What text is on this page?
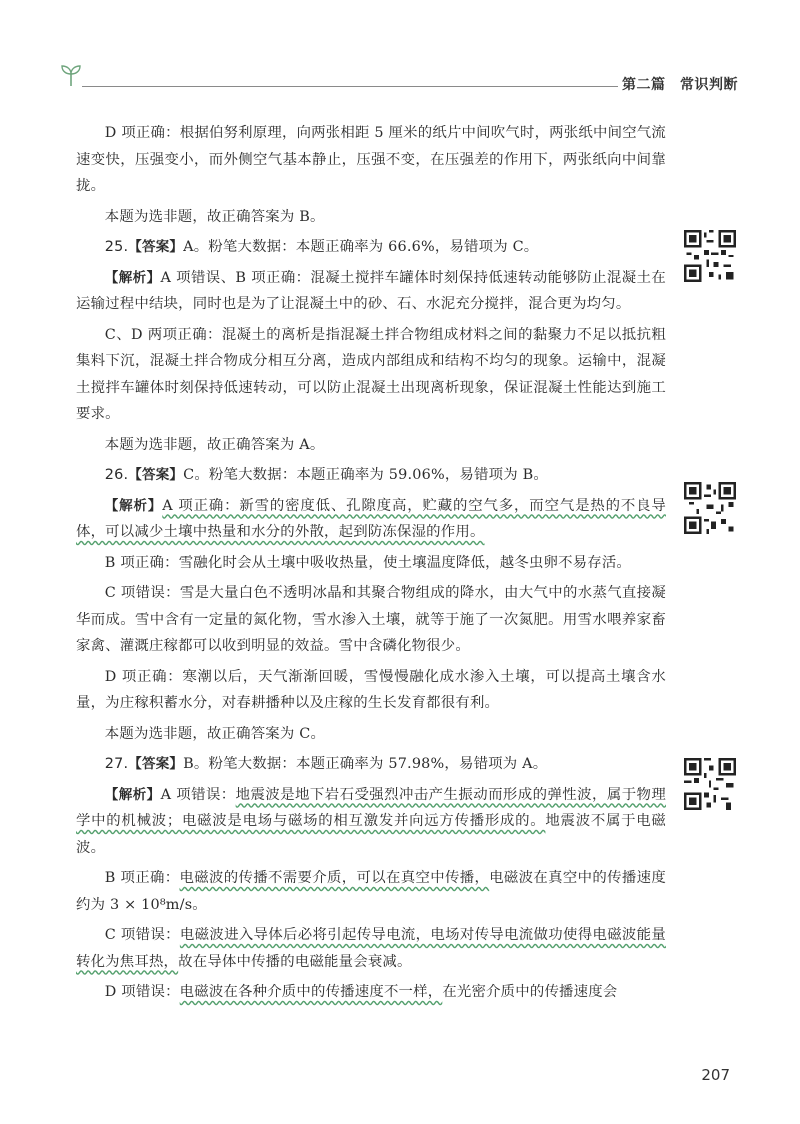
第二篇　常识判断

D 项正确：根据伯努利原理，向两张相距 5 厘米的纸片中间吹气时，两张纸中间空气流速变快，压强变小，而外侧空气基本静止，压强不变，在压强差的作用下，两张纸向中间靠拢。

本题为选非题，故正确答案为 B。

25.【答案】A。粉笔大数据：本题正确率为 66.6%，易错项为 C。

【解析】A 项错误、B 项正确：混凝土搅拌车罐体时刻保持低速转动能够防止混凝土在运输过程中结块，同时也是为了让混凝土中的砂、石、水泥充分搅拌，混合更为均匀。

C、D 两项正确：混凝土的离析是指混凝土拌合物组成材料之间的黏聚力不足以抵抗粗集料下沉，混凝土拌合物成分相互分离，造成内部组成和结构不均匀的现象。运输中，混凝土搅拌车罐体时刻保持低速转动，可以防止混凝土出现离析现象，保证混凝土性能达到施工要求。

本题为选非题，故正确答案为 A。

26.【答案】C。粉笔大数据：本题正确率为 59.06%，易错项为 B。

【解析】A 项正确：新雪的密度低、孔隙度高，贮藏的空气多，而空气是热的不良导体，可以减少土壤中热量和水分的外散，起到防冻保湿的作用。

B 项正确：雪融化时会从土壤中吸收热量，使土壤温度降低，越冬虫卵不易存活。

C 项错误：雪是大量白色不透明冰晶和其聚合物组成的降水，由大气中的水蒸气直接凝华而成。雪中含有一定量的氮化物，雪水渗入土壤，就等于施了一次氮肥。用雪水喂养家畜家禽、灌溉庄稼都可以收到明显的效益。雪中含磷化物很少。

D 项正确：寒潮以后，天气渐渐回暖，雪慢慢融化成水渗入土壤，可以提高土壤含水量，为庄稼积蓄水分，对春耕播种以及庄稼的生长发育都很有利。

本题为选非题，故正确答案为 C。

27.【答案】B。粉笔大数据：本题正确率为 57.98%，易错项为 A。

【解析】A 项错误：地震波是地下岩石受强烈冲击产生振动而形成的弹性波，属于物理学中的机械波；电磁波是电场与磁场的相互激发并向远方传播形成的。地震波不属于电磁波。

B 项正确：电磁波的传播不需要介质，可以在真空中传播，电磁波在真空中的传播速度约为 3 × 10⁸m/s。

C 项错误：电磁波进入导体后必将引起传导电流，电场对传导电流做功使得电磁波能量转化为焦耳热，故在导体中传播的电磁能量会衰减。

D 项错误：电磁波在各种介质中的传播速度不一样，在光密介质中的传播速度会

207
